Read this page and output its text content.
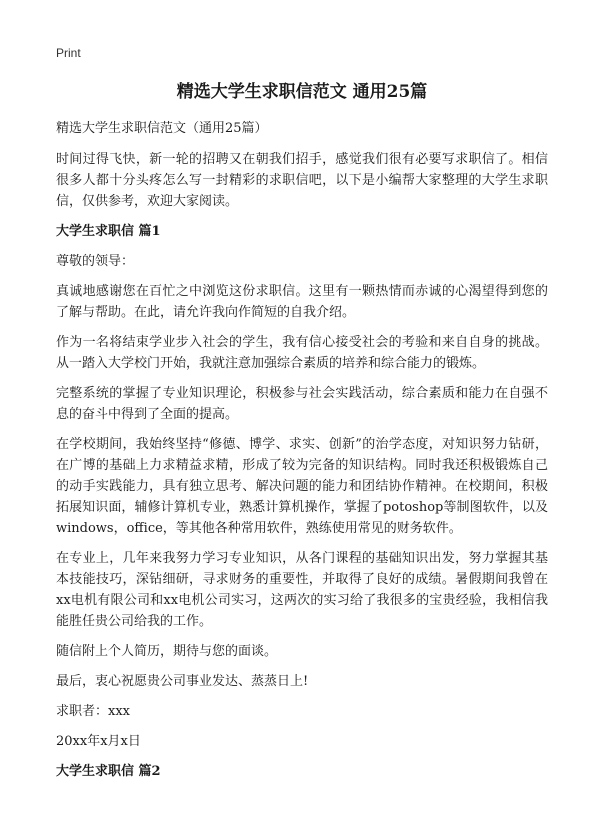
Print
精选大学生求职信范文 通用25篇
精选大学生求职信范文（通用25篇）

时间过得飞快，新一轮的招聘又在朝我们招手，感觉我们很有必要写求职信了。相信很多人都十分头疼怎么写一封精彩的求职信吧，以下是小编帮大家整理的大学生求职信，仅供参考，欢迎大家阅读。

大学生求职信 篇1

尊敬的领导：

真诚地感谢您在百忙之中浏览这份求职信。这里有一颗热情而赤诚的心渴望得到您的了解与帮助。在此，请允许我向作简短的自我介绍。

作为一名将结束学业步入社会的学生，我有信心接受社会的考验和来自自身的挑战。从一踏入大学校门开始，我就注意加强综合素质的培养和综合能力的锻炼。

完整系统的掌握了专业知识理论，积极参与社会实践活动，综合素质和能力在自强不息的奋斗中得到了全面的提高。

在学校期间，我始终坚持“修德、博学、求实、创新”的治学态度，对知识努力钻研，在广博的基础上力求精益求精，形成了较为完备的知识结构。同时我还积极锻炼自己的动手实践能力，具有独立思考、解决问题的能力和团结协作精神。在校期间，积极拓展知识面，辅修计算机专业，熟悉计算机操作，掌握了potoshop等制图软件，以及windows，office，等其他各种常用软件，熟练使用常见的财务软件。

在专业上，几年来我努力学习专业知识，从各门课程的基础知识出发，努力掌握其基本技能技巧，深钻细研，寻求财务的重要性，并取得了良好的成绩。暑假期间我曾在xx电机有限公司和xx电机公司实习，这两次的实习给了我很多的宝贵经验，我相信我能胜任贵公司给我的工作。

随信附上个人简历，期待与您的面谈。

最后，衷心祝愿贵公司事业发达、蒸蒸日上!

求职者：xxx

20xx年x月x日

大学生求职信 篇2
